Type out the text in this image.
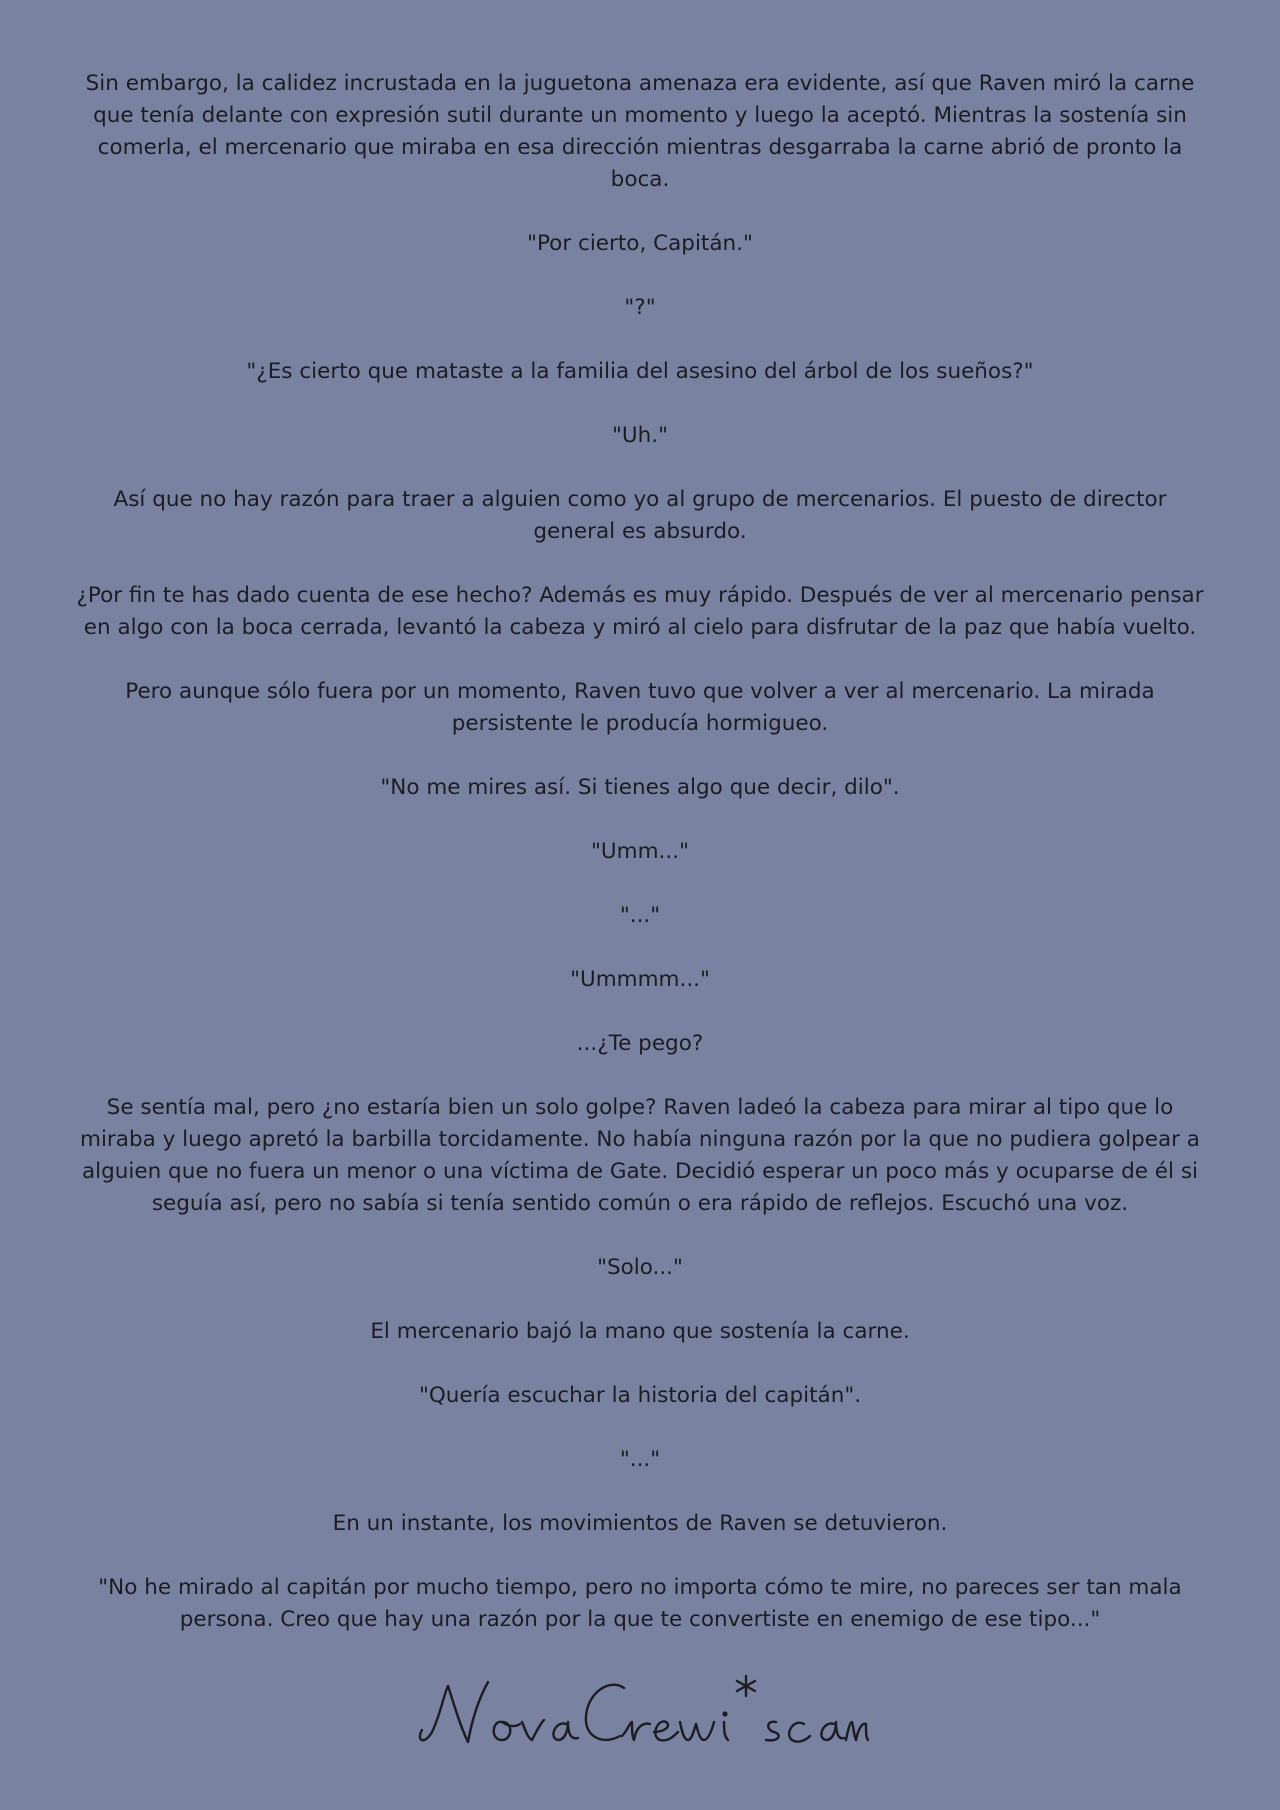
Sin embargo, la calidez incrustada en la juguetona amenaza era evidente, así que Raven miró la carne que tenía delante con expresión sutil durante un momento y luego la aceptó. Mientras la sostenía sin comerla, el mercenario que miraba en esa dirección mientras desgarraba la carne abrió de pronto la boca.

"Por cierto, Capitán."

"?"

"¿Es cierto que mataste a la familia del asesino del árbol de los sueños?"

"Uh."

Así que no hay razón para traer a alguien como yo al grupo de mercenarios. El puesto de director general es absurdo.

¿Por fin te has dado cuenta de ese hecho? Además es muy rápido. Después de ver al mercenario pensar en algo con la boca cerrada, levantó la cabeza y miró al cielo para disfrutar de la paz que había vuelto.

Pero aunque sólo fuera por un momento, Raven tuvo que volver a ver al mercenario. La mirada persistente le producía hormigueo.

"No me mires así. Si tienes algo que decir, dilo".

"Umm..."

"..."

"Ummmm..."

...¿Te pego?

Se sentía mal, pero ¿no estaría bien un solo golpe? Raven ladeó la cabeza para mirar al tipo que lo miraba y luego apretó la barbilla torcidamente. No había ninguna razón por la que no pudiera golpear a alguien que no fuera un menor o una víctima de Gate. Decidió esperar un poco más y ocuparse de él si seguía así, pero no sabía si tenía sentido común o era rápido de reflejos. Escuchó una voz.

"Solo..."

El mercenario bajó la mano que sostenía la carne.

"Quería escuchar la historia del capitán".

"..."

En un instante, los movimientos de Raven se detuvieron.

"No he mirado al capitán por mucho tiempo, pero no importa cómo te mire, no pareces ser tan mala persona. Creo que hay una razón por la que te convertiste en enemigo de ese tipo..."
